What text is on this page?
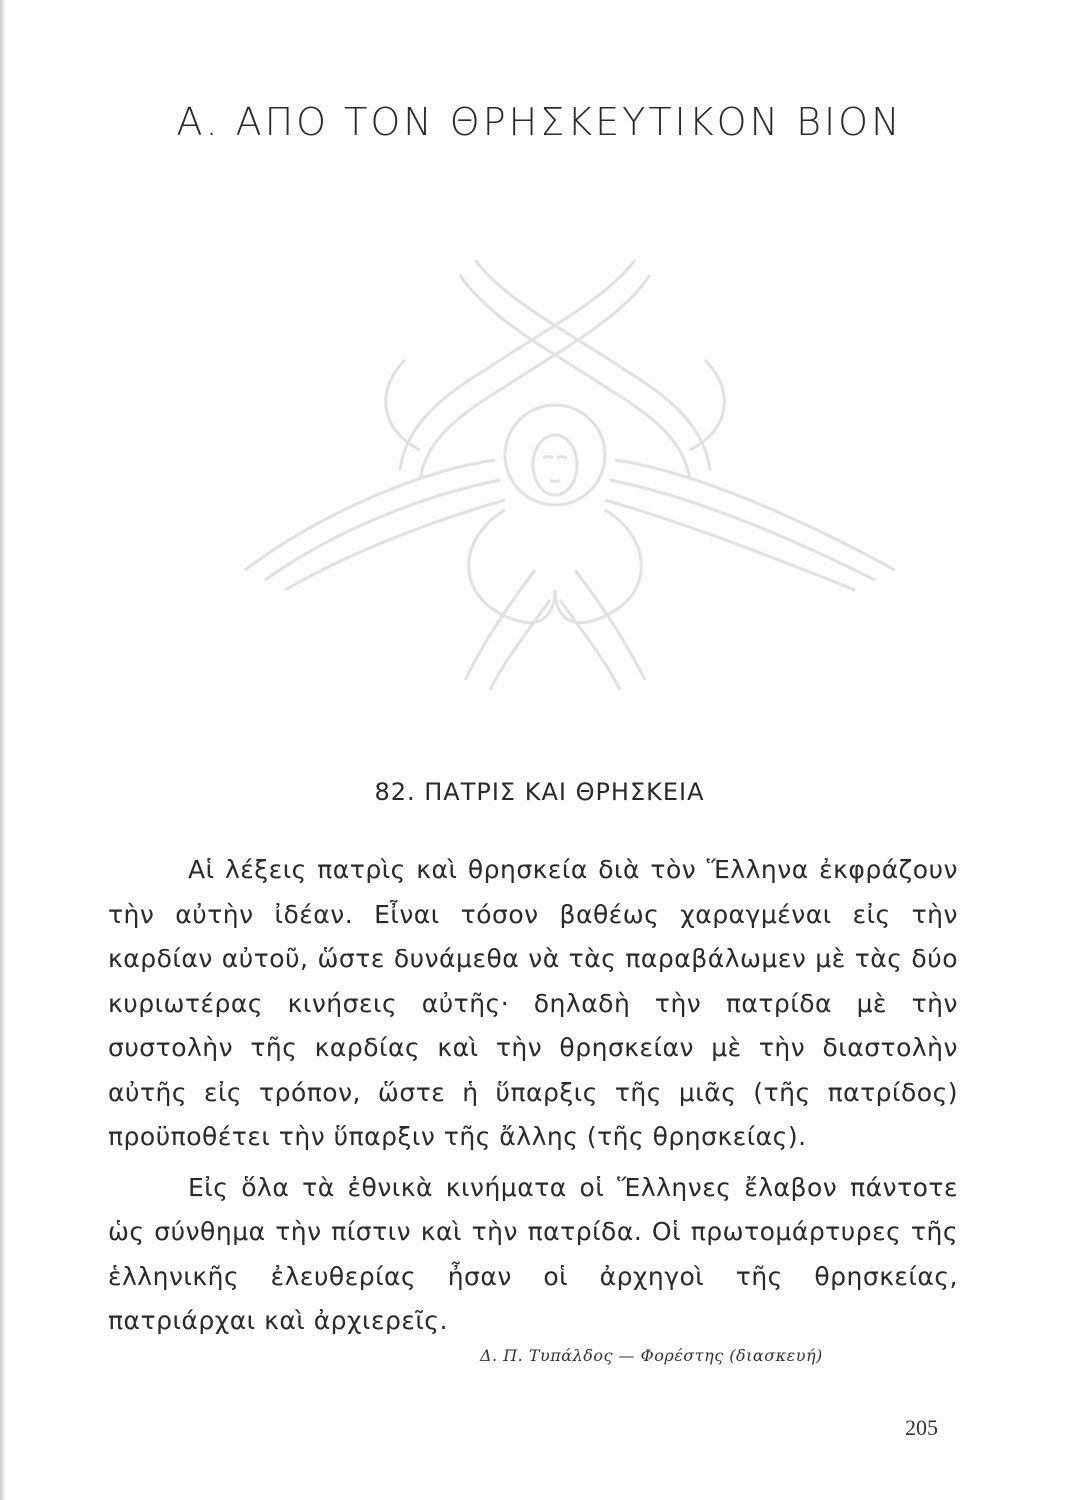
Α. ΑΠΟ ΤΟΝ ΘΡΗΣΚΕΥΤΙΚΟΝ ΒΙΟΝ
82. ΠΑΤΡΙΣ ΚΑΙ ΘΡΗΣΚΕΙΑ

Αἱ λέξεις πατρὶς καὶ θρησκεία διὰ τὸν Ἕλληνα ἐκφράζουν τὴν αὐτὴν ἰδέαν. Εἶναι τόσον βαθέως χαραγμέναι εἰς τὴν καρδίαν αὐτοῦ, ὥστε δυνάμεθα νὰ τὰς παραβάλωμεν μὲ τὰς δύο κυριωτέρας κινήσεις αὐτῆς· δηλαδὴ τὴν πατρίδα μὲ τὴν συστολὴν τῆς καρδίας καὶ τὴν θρησκείαν μὲ τὴν διαστολὴν αὐτῆς εἰς τρόπον, ὥστε ἡ ὕπαρξις τῆς μιᾶς (τῆς πατρίδος) προϋποθέτει τὴν ὕπαρξιν τῆς ἄλλης (τῆς θρησκείας).

Εἰς ὅλα τὰ ἐθνικὰ κινήματα οἱ Ἕλληνες ἔλαβον πάντοτε ὡς σύνθημα τὴν πίστιν καὶ τὴν πατρίδα. Οἱ πρωτομάρτυρες τῆς ἑλληνικῆς ἐλευθερίας ἦσαν οἱ ἀρχηγοὶ τῆς θρησκείας, πατριάρχαι καὶ ἀρχιερεῖς.

Δ. Π. Τυπάλδος — Φορέστης (διασκευή)
205
